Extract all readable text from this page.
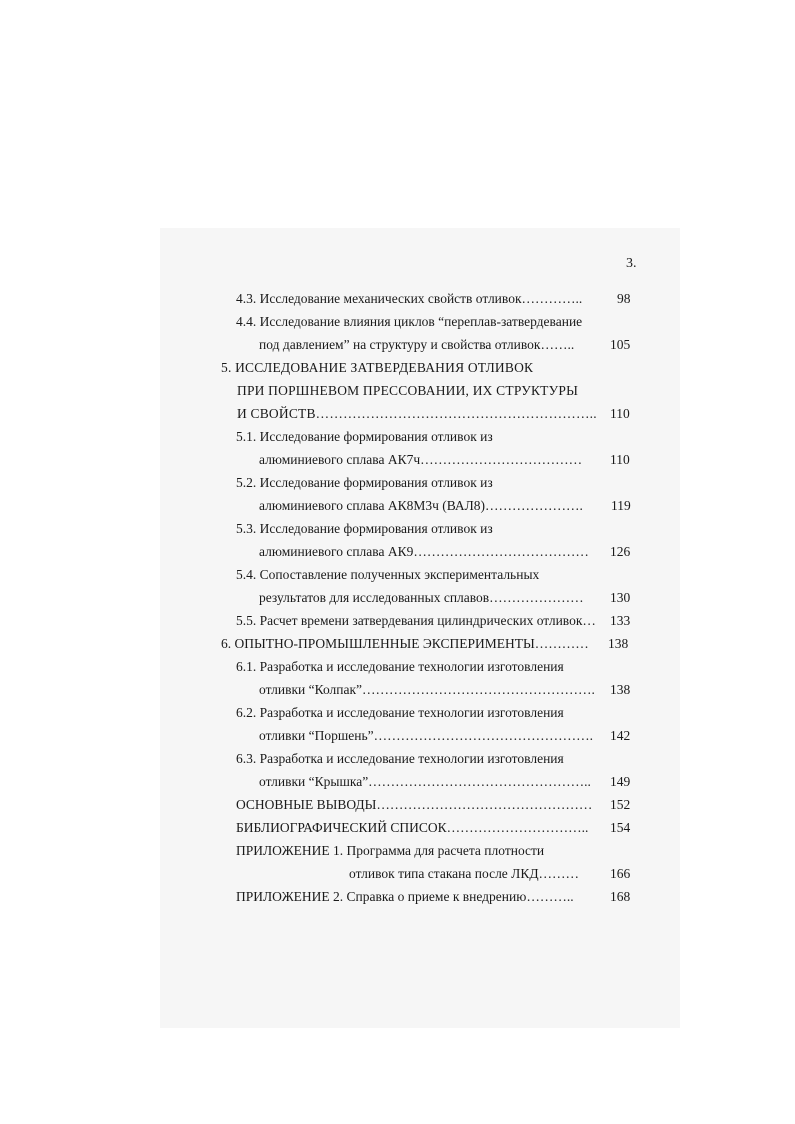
3.
4.3. Исследование механических свойств отливок…………..	98
4.4. Исследование влияния циклов “переплав-затвердевание
под давлением” на структуру и свойства отливок……..	105
5. ИССЛЕДОВАНИЕ ЗАТВЕРДЕВАНИЯ ОТЛИВОК
ПРИ ПОРШНЕВОМ ПРЕССОВАНИИ, ИХ СТРУКТУРЫ
И СВОЙСТВ…………………………………………………….. 110
5.1. Исследование формирования отливок из
алюминиевого сплава АК7ч……………………………… 110
5.2. Исследование формирования отливок из
алюминиевого сплава АК8М3ч (ВАЛ8)…………………. 119
5.3. Исследование формирования отливок из
алюминиевого сплава АК9………………………………… 126
5.4. Сопоставление полученных экспериментальных
результатов для исследованных сплавов………………… 130
5.5. Расчет времени затвердевания цилиндрических отливок… 133
6. ОПЫТНО-ПРОМЫШЛЕННЫЕ ЭКСПЕРИМЕНТЫ………… 138
6.1. Разработка и исследование технологии изготовления
отливки “Колпак”……………………………………………. 138
6.2. Разработка и исследование технологии изготовления
отливки “Поршень”…………………………………………. 142
6.3. Разработка и исследование технологии изготовления
отливки “Крышка”………………………………………….. 149
ОСНОВНЫЕ ВЫВОДЫ………………………………………… 152
БИБЛИОГРАФИЧЕСКИЙ СПИСОК………………………….. 154
ПРИЛОЖЕНИЕ 1. Программа для расчета плотности
отливок типа стакана после ЛКД……… 166
ПРИЛОЖЕНИЕ 2. Справка о приеме к внедрению………..	168
